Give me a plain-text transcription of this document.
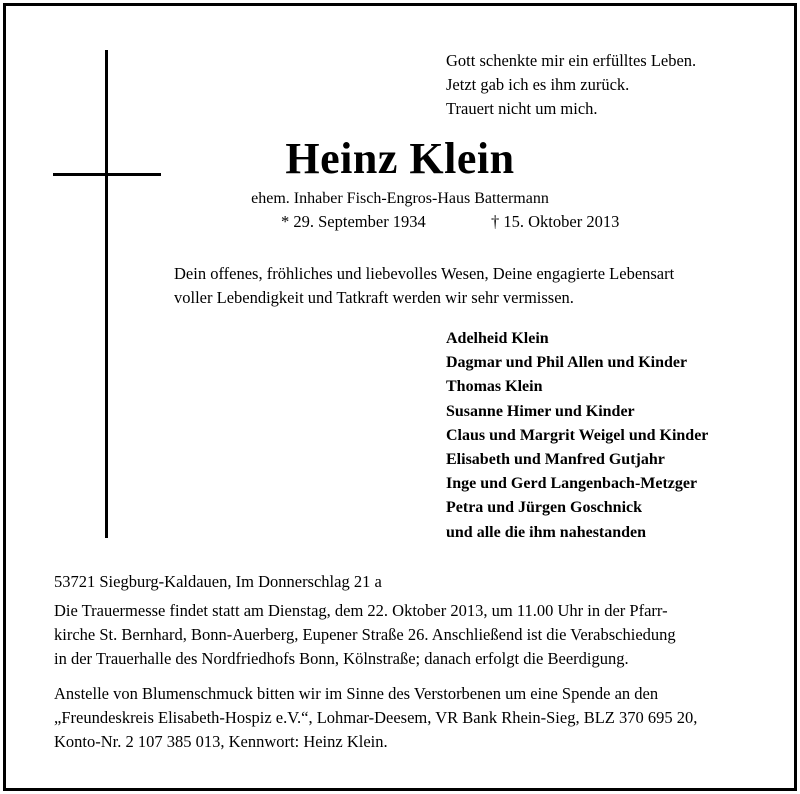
Gott schenkte mir ein erfülltes Leben.
Jetzt gab ich es ihm zurück.
Trauert nicht um mich.
Heinz Klein
ehem. Inhaber Fisch-Engros-Haus Battermann
* 29. September 1934	† 15. Oktober 2013
Dein offenes, fröhliches und liebevolles Wesen, Deine engagierte Lebensart
voller Lebendigkeit und Tatkraft werden wir sehr vermissen.
Adelheid Klein
Dagmar und Phil Allen und Kinder
Thomas Klein
Susanne Himer und Kinder
Claus und Margrit Weigel und Kinder
Elisabeth und Manfred Gutjahr
Inge und Gerd Langenbach-Metzger
Petra und Jürgen Goschnick
und alle die ihm nahestanden
53721 Siegburg-Kaldauen, Im Donnerschlag 21 a
Die Trauermesse findet statt am Dienstag, dem 22. Oktober 2013, um 11.00 Uhr in der Pfarr-
kirche St. Bernhard, Bonn-Auerberg, Eupener Straße 26. Anschließend ist die Verabschiedung
in der Trauerhalle des Nordfriedhofs Bonn, Kölnstraße; danach erfolgt die Beerdigung.
Anstelle von Blumenschmuck bitten wir im Sinne des Verstorbenen um eine Spende an den
„Freundeskreis Elisabeth-Hospiz e.V.“, Lohmar-Deesem, VR Bank Rhein-Sieg, BLZ 370 695 20,
Konto-Nr. 2 107 385 013, Kennwort: Heinz Klein.
